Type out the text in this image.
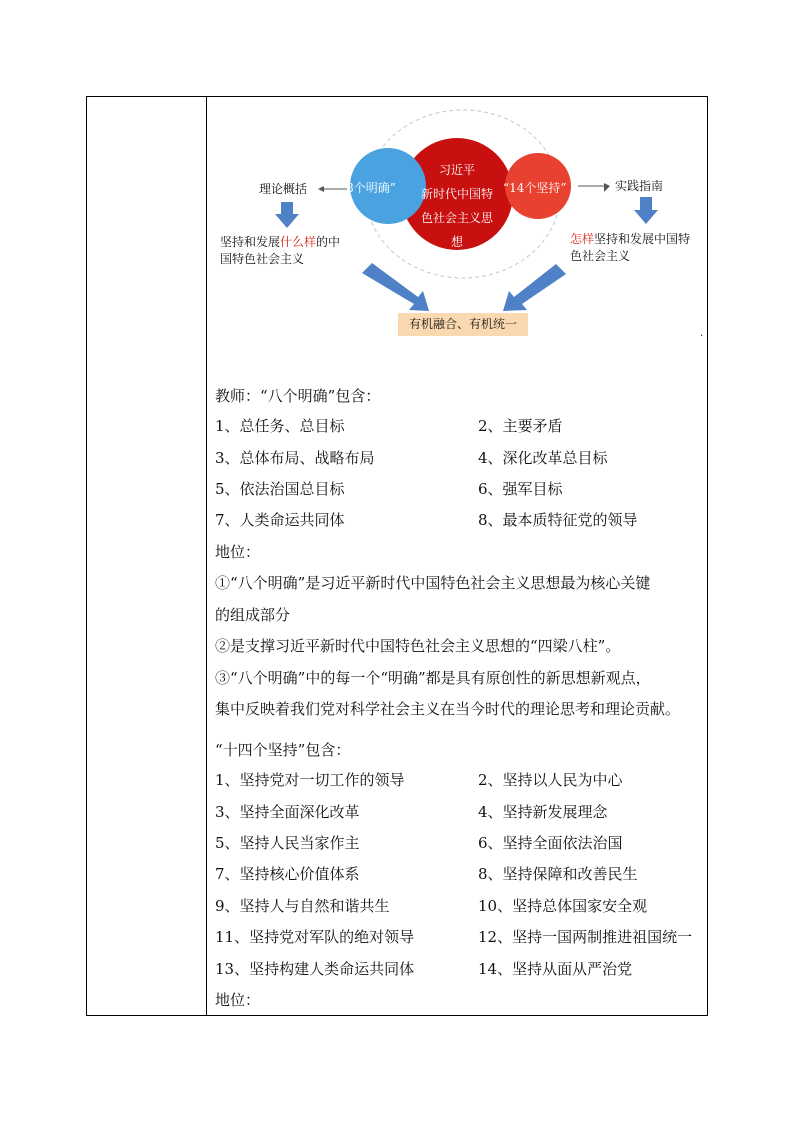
习近平
新时代中国特
色社会主义思
想
“8个明确”	“14个坚持”
理论概括	实践指南
坚持和发展什么样的中
国特色社会主义
怎样坚持和发展中国特
色社会主义
有机融合、有机统一
.
教师：“八个明确”包含：
1、总任务、总目标	2、主要矛盾
3、总体布局、战略布局	4、深化改革总目标
5、依法治国总目标	6、强军目标
7、人类命运共同体	8、最本质特征党的领导
地位：
①“八个明确”是习近平新时代中国特色社会主义思想最为核心关键
的组成部分
②是支撑习近平新时代中国特色社会主义思想的“四梁八柱”。
③“八个明确”中的每一个“明确”都是具有原创性的新思想新观点，
集中反映着我们党对科学社会主义在当今时代的理论思考和理论贡献。
“十四个坚持”包含：
1、坚持党对一切工作的领导	2、坚持以人民为中心
3、坚持全面深化改革	4、坚持新发展理念
5、坚持人民当家作主	6、坚持全面依法治国
7、坚持核心价值体系	8、坚持保障和改善民生
9、坚持人与自然和谐共生	10、坚持总体国家安全观
11、坚持党对军队的绝对领导	12、坚持一国两制推进祖国统一
13、坚持构建人类命运共同体	14、坚持从面从严治党
地位：
